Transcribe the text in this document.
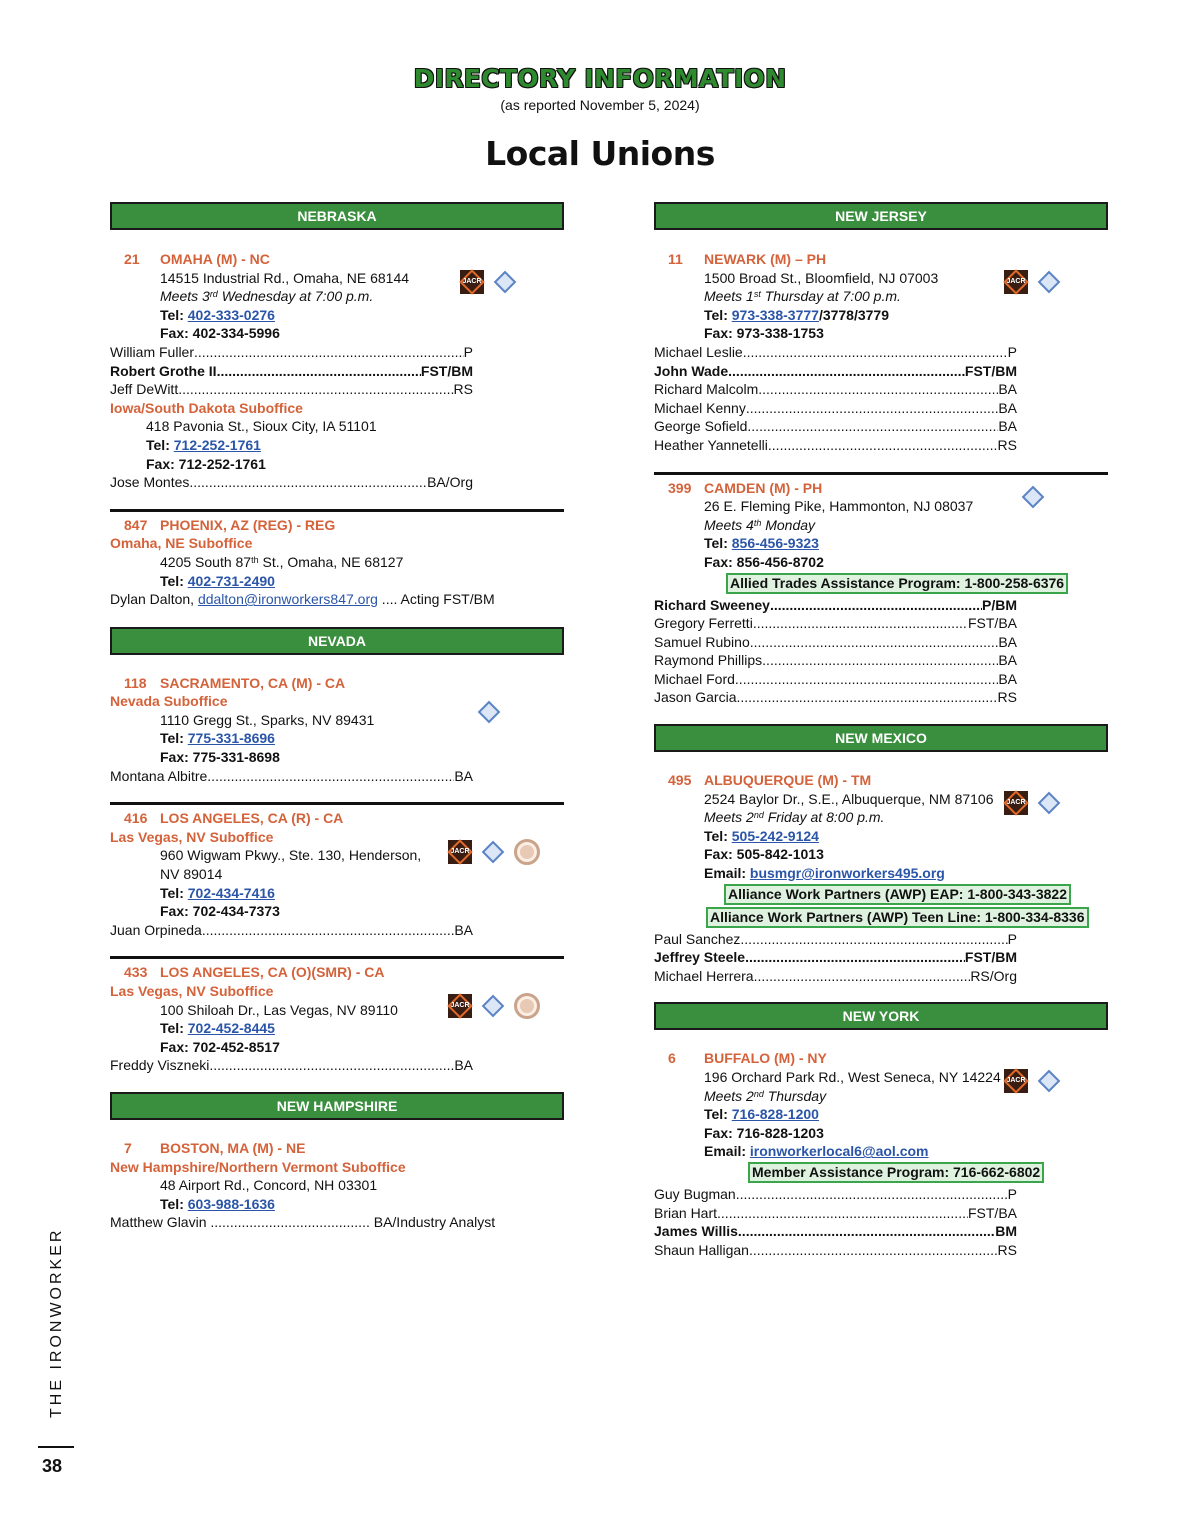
DIRECTORY INFORMATION
(as reported November 5, 2024)
Local Unions
NEBRASKA
JACR
21 OMAHA (M) - NC
14515 Industrial Rd., Omaha, NE 68144
Meets 3rd Wednesday at 7:00 p.m.
Tel: 402-333-0276
Fax: 402-334-5996
William Fuller .....	P
Robert Grothe II .....	FST/BM
Jeff DeWitt .....	RS
Iowa/South Dakota Suboffice
418 Pavonia St., Sioux City, IA 51101
Tel: 712-252-1761
Fax: 712-252-1761
Jose Montes .....	BA/Org
847 PHOENIX, AZ (REG) - REG
Omaha, NE Suboffice
4205 South 87th St., Omaha, NE 68127
Tel: 402-731-2490
Dylan Dalton, ddalton@ironworkers847.org .... Acting FST/BM
NEVADA
118 SACRAMENTO, CA (M) - CA
Nevada Suboffice
1110 Gregg St., Sparks, NV 89431
Tel: 775-331-8696
Fax: 775-331-8698
Montana Albitre .....	BA
JACR
416 LOS ANGELES, CA (R) - CA
Las Vegas, NV Suboffice
960 Wigwam Pkwy., Ste. 130, Henderson,
NV 89014
Tel: 702-434-7416
Fax: 702-434-7373
Juan Orpineda .....	BA
JACR
433 LOS ANGELES, CA (O)(SMR) - CA
Las Vegas, NV Suboffice
100 Shiloah Dr., Las Vegas, NV 89110
Tel: 702-452-8445
Fax: 702-452-8517
Freddy Viszneki .....	BA
NEW HAMPSHIRE
7 BOSTON, MA (M) - NE
New Hampshire/Northern Vermont Suboffice
48 Airport Rd., Concord, NH 03301
Tel: 603-988-1636
Matthew Glavin ......................................... BA/Industry Analyst
NEW JERSEY
JACR
11 NEWARK (M) – PH
1500 Broad St., Bloomfield, NJ 07003
Meets 1st Thursday at 7:00 p.m.
Tel: 973-338-3777/3778/3779
Fax: 973-338-1753
Michael Leslie .....	P
John Wade .....	FST/BM
Richard Malcolm .....	BA
Michael Kenny .....	BA
George Sofield .....	BA
Heather Yannetelli .....	RS
399 CAMDEN (M) - PH
26 E. Fleming Pike, Hammonton, NJ 08037
Meets 4th Monday
Tel: 856-456-9323
Fax: 856-456-8702
Allied Trades Assistance Program: 1-800-258-6376
Richard Sweeney .....	P/BM
Gregory Ferretti .....	FST/BA
Samuel Rubino .....	BA
Raymond Phillips .....	BA
Michael Ford .....	BA
Jason Garcia .....	RS
NEW MEXICO
JACR
495 ALBUQUERQUE (M) - TM
2524 Baylor Dr., S.E., Albuquerque, NM 87106
Meets 2nd Friday at 8:00 p.m.
Tel: 505-242-9124
Fax: 505-842-1013
Email: busmgr@ironworkers495.org
Alliance Work Partners (AWP) EAP: 1-800-343-3822
Alliance Work Partners (AWP) Teen Line: 1-800-334-8336
Paul Sanchez .....	P
Jeffrey Steele .....	FST/BM
Michael Herrera .....	RS/Org
NEW YORK
JACR
6 BUFFALO (M) - NY
196 Orchard Park Rd., West Seneca, NY 14224
Meets 2nd Thursday
Tel: 716-828-1200
Fax: 716-828-1203
Email: ironworkerlocal6@aol.com
Member Assistance Program: 716-662-6802
Guy Bugman .....	P
Brian Hart .....	FST/BA
James Willis .....	BM
Shaun Halligan .....	RS
THE IRONWORKER
38
